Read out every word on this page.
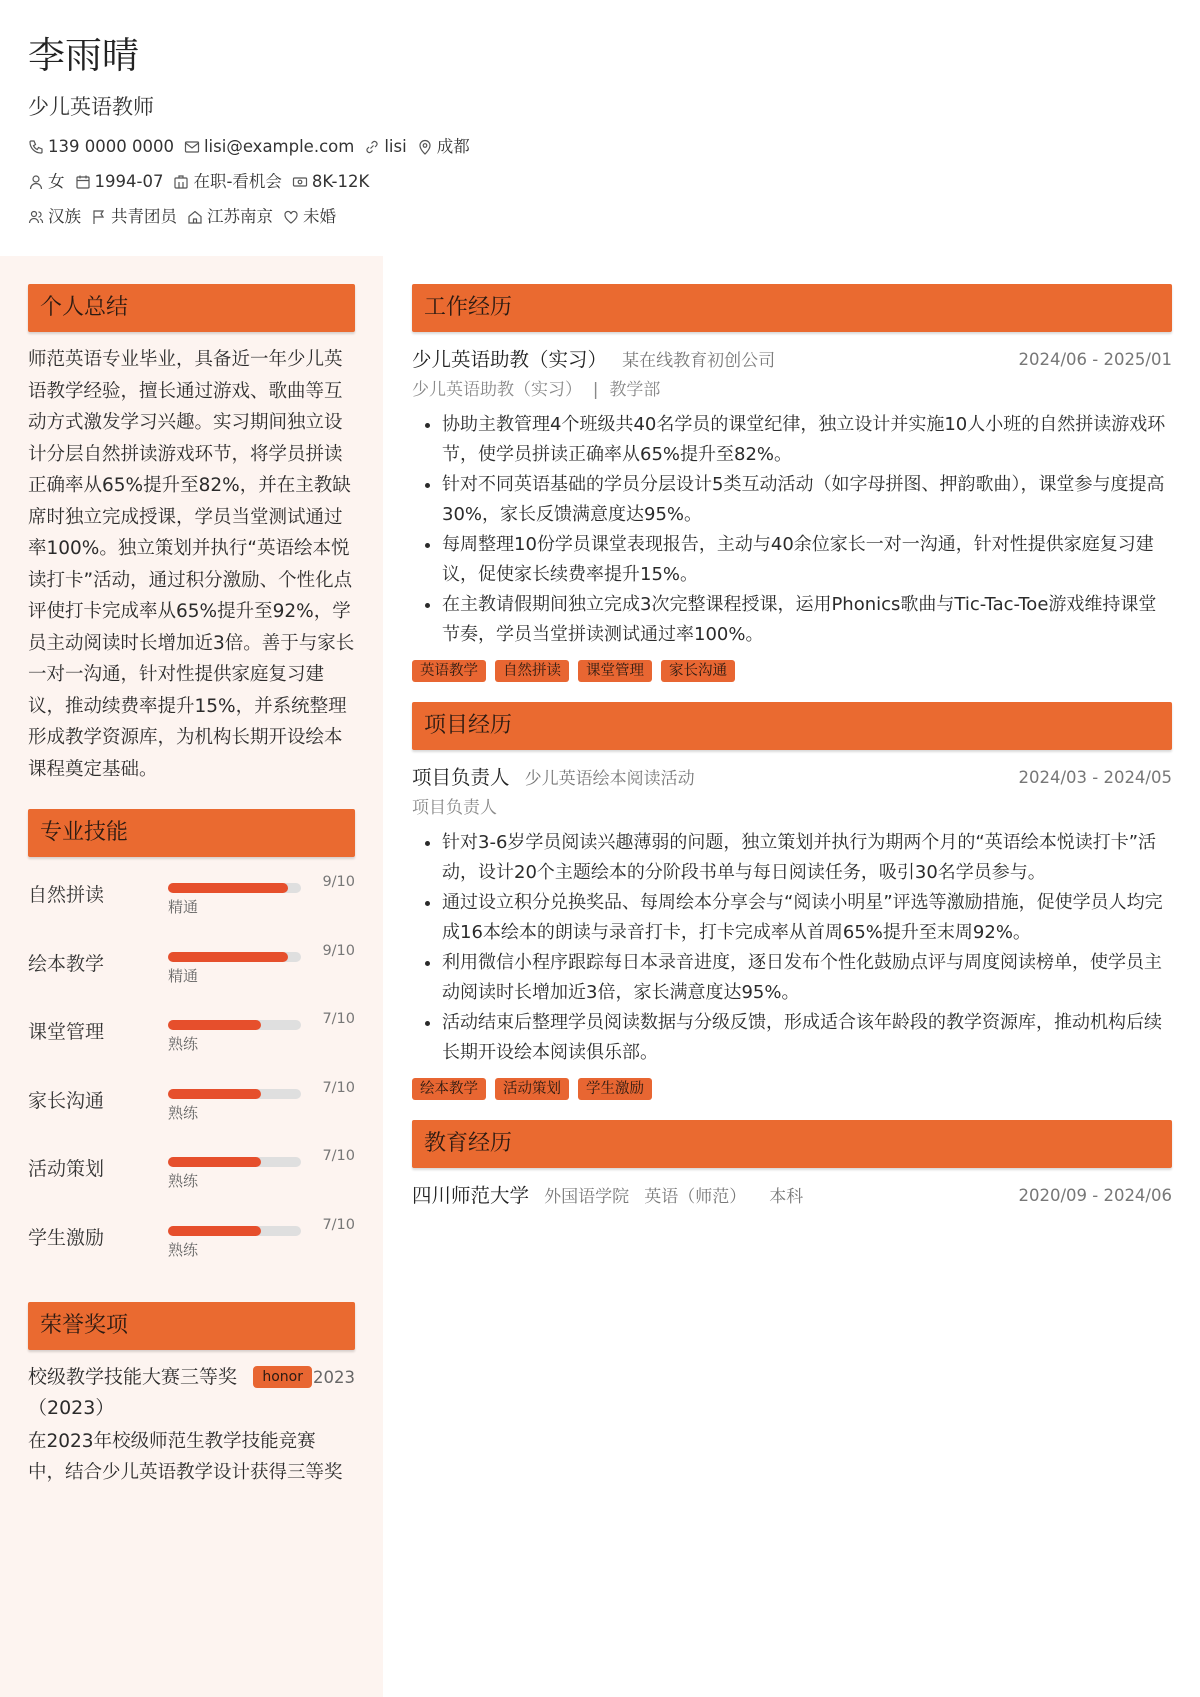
李雨晴
少儿英语教师
139 0000 0000 lisi@example.com lisi 成都
女 1994-07 在职-看机会 8K-12K
汉族 共青团员 江苏南京 未婚
个人总结
师范英语专业毕业，具备近一年少儿英语教学经验，擅长通过游戏、歌曲等互动方式激发学习兴趣。实习期间独立设计分层自然拼读游戏环节，将学员拼读正确率从65%提升至82%，并在主教缺席时独立完成授课，学员当堂测试通过率100%。独立策划并执行“英语绘本悦读打卡”活动，通过积分激励、个性化点评使打卡完成率从65%提升至92%，学员主动阅读时长增加近3倍。善于与家长一对一沟通，针对性提供家庭复习建议，推动续费率提升15%，并系统整理形成教学资源库，为机构长期开设绘本课程奠定基础。
专业技能
自然拼读
9/10
精通
绘本教学
9/10
精通
课堂管理
7/10
熟练
家长沟通
7/10
熟练
活动策划
7/10
熟练
学生激励
7/10
熟练
荣誉奖项
校级教学技能大赛三等奖（2023）
honor 2023
在2023年校级师范生教学技能竞赛中，结合少儿英语教学设计获得三等奖
工作经历
少儿英语助教（实习） 某在线教育初创公司	2024/06 - 2025/01
少儿英语助教（实习）  |  教学部
• 协助主教管理4个班级共40名学员的课堂纪律，独立设计并实施10人小班的自然拼读游戏环节，使学员拼读正确率从65%提升至82%。
• 针对不同英语基础的学员分层设计5类互动活动（如字母拼图、押韵歌曲），课堂参与度提高30%，家长反馈满意度达95%。
• 每周整理10份学员课堂表现报告，主动与40余位家长一对一沟通，针对性提供家庭复习建议，促使家长续费率提升15%。
• 在主教请假期间独立完成3次完整课程授课，运用Phonics歌曲与Tic-Tac-Toe游戏维持课堂节奏，学员当堂拼读测试通过率100%。
英语教学	自然拼读	课堂管理	家长沟通
项目经历
项目负责人 少儿英语绘本阅读活动	2024/03 - 2024/05
项目负责人
• 针对3-6岁学员阅读兴趣薄弱的问题，独立策划并执行为期两个月的“英语绘本悦读打卡”活动，设计20个主题绘本的分阶段书单与每日阅读任务，吸引30名学员参与。
• 通过设立积分兑换奖品、每周绘本分享会与“阅读小明星”评选等激励措施，促使学员人均完成16本绘本的朗读与录音打卡，打卡完成率从首周65%提升至末周92%。
• 利用微信小程序跟踪每日本录音进度，逐日发布个性化鼓励点评与周度阅读榜单，使学员主动阅读时长增加近3倍，家长满意度达95%。
• 活动结束后整理学员阅读数据与分级反馈，形成适合该年龄段的教学资源库，推动机构后续长期开设绘本阅读俱乐部。
绘本教学	活动策划	学生激励
教育经历
四川师范大学 外国语学院 英语（师范） 本科	2020/09 - 2024/06
